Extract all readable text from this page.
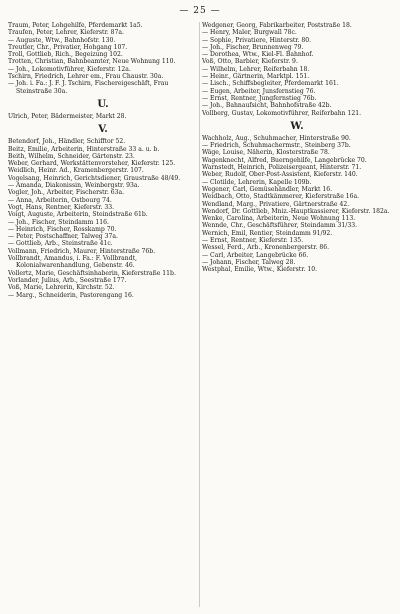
— 25 —
Traum, Peter, Lohgehilfe, Pferdemarkt 1a5.
Traufen, Peter, Lehrer, Kieferstr. 87a.
— Auguste, Wtw., Bahnhofstr. 130.
Treutler, Chr., Privatier, Hohgang 107.
Troll, Gottlieb, Rich., Begeizung 102.
Trotten, Christian, Bahnbeamter, Neue Wohnung 110.
— Joh., Lokomotivführer, Kieferstr. 12a.
Tschirn, Friedrich, Lehrer em., Frau Chaustr. 30a.
— Joh. i. Fa.: J. F. J. Tschirn, Fischereigeschäft, Frau Steinstraße 30a.
U.
Ulrich, Peter, Bädermeister, Markt 28.
V.
Betendorf, Joh., Händler, Schifftor 52.
Beitz, Emilie, Arbeiterin, Hinterstraße 33 a. u. b.
Beith, Wilhelm, Schneider, Gärtenstr. 23.
Weber, Gerhard, Werkstättenvorsteher, Kieferstr. 125.
Weidlich, Heinr. Ad., Kramenbergerstr. 107.
Vogelsang, Heinrich, Gerichtsdiener, Graustraße 48/49.
— Amanda, Diakonissin, Weinbergstr. 93a.
Vogler, Joh., Arbeiter, Fischerstr. 63a.
— Anna, Arbeiterin, Ostbourg 74.
Vogt, Hans, Rentner, Kieferstr. 33.
Voigt, Auguste, Arbeiterin, Steindstraße 61b.
— Joh., Fischer, Steindamm 116.
— Heinrich, Fischer, Rosskamp 70.
— Peter, Postschaffner, Talweg 37a.
— Gottlieb, Arb., Steinstraße 41c.
Vollmann, Friedrich, Maurer, Hinterstraße 76b.
Vollbrandt, Amandus, i. Fa.: F. Vollbrandt, Kolonialwarenhandlung, Gebenstr. 46.
Vollertz, Marie, Geschäftsinhaberin, Kieferstraße 11b.
Vorlander, Julius, Arb., Seestraße 177.
Voß, Marie, Lehrerin, Kirchstr. 52.
— Marg., Schneiderin, Pastorengang 16.
Wedgener, Georg, Fabrikarbeiter, Poststraße 18.
— Henry, Maler, Burgwall 78c.
— Sophie, Privatiere, Hinterstr. 80.
— Joh., Fischer, Brunnenweg 79.
— Dorothea, Wtw., Kiel-Fl. Bahnhof.
Voß, Otto, Barbier, Kieferstr. 9.
— Wilhelm, Lehrer, Reiferbahn 18.
— Heinr., Gärtnerin, Marktpl. 151.
— Lisch., Schiffsbegleiter, Pferdemarkt 161.
— Eugen, Arbeiter, Junsfernstieg 76.
— Ernst, Rentner, Jungfernstieg 76b.
— Joh., Bahnaufsicht, Bahnhofstraße 42b.
Vollberg, Gustav, Lokomotivführer, Reiferbahn 121.
W.
Wachholz, Aug., Schuhmacher, Hinterstraße 90.
— Friedrich, Schuhmachermstr., Steinberg 37b.
Wäge, Louise, Näherin, Klosterstraße 78.
Wagenknecht, Alfred, Buerngehilfe, Langebrücke 70.
Warnstedt, Heinrich, Polizeisergeant, Hinterstr. 71.
Weber, Rudolf, Ober-Post-Assistent, Kieferstr. 140.
— Clotilde, Lehrerin, Kapelle 109b.
Wegener, Carl, Gemüsehändler, Markt 16.
Weidbach, Otto, Stadtkämmerer, Kieferstraße 16a.
Wendland, Marg., Privatiere, Gärtnerstraße 42.
Wendorf, Dr. Gottlieb, Mniz.-Hauptkassierer, Kieferstr. 182a.
Wenke, Carolina, Arbeiterin, Neue Wohnung 113.
Wennde, Chr., Geschäftsführer, Steindamm 31/33.
Wernich, Emil, Rentier, Steindamm 91/92.
— Ernst, Rentner, Kieferstr. 135.
Wessel, Ferd., Arb., Kronenbergerstr. 86.
— Carl, Arbeiter, Langebrücke 66.
— Johann, Fischer, Talweg 28.
Westphal, Emilie, Wtw., Kieferstr. 10.
